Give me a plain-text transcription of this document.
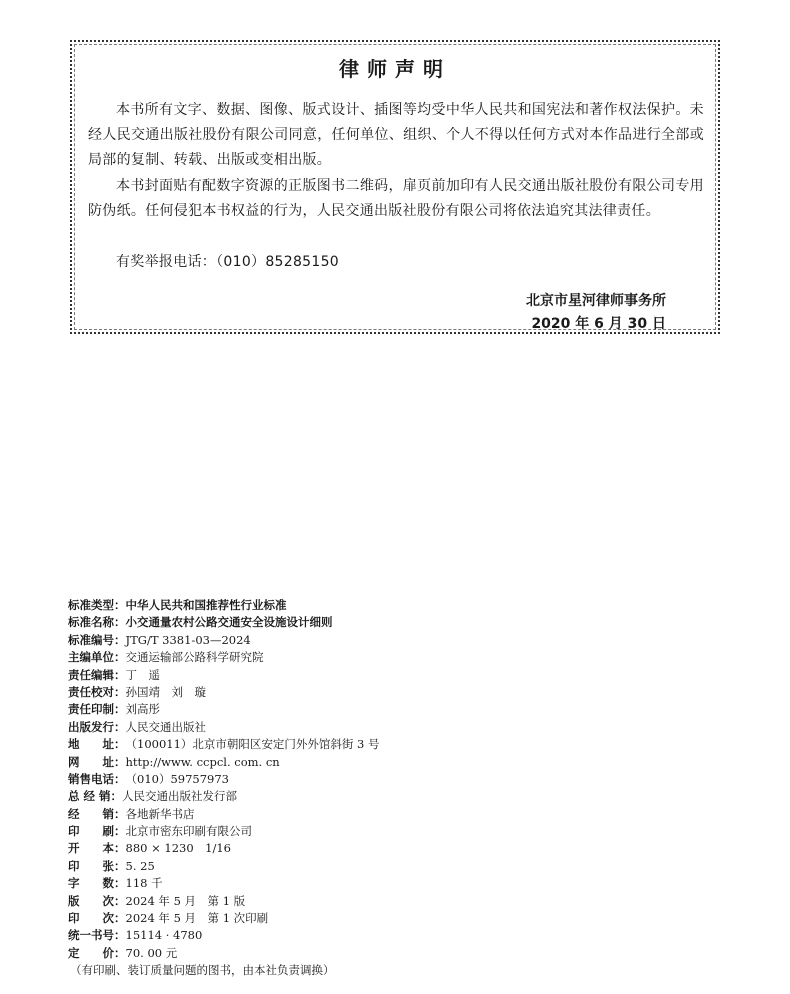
律师声明

本书所有文字、数据、图像、版式设计、插图等均受中华人民共和国宪法和著作权法保护。未经人民交通出版社股份有限公司同意，任何单位、组织、个人不得以任何方式对本作品进行全部或局部的复制、转载、出版或变相出版。

本书封面贴有配数字资源的正版图书二维码，扉页前加印有人民交通出版社股份有限公司专用防伪纸。任何侵犯本书权益的行为，人民交通出版社股份有限公司将依法追究其法律责任。

有奖举报电话：（010）85285150

北京市星河律师事务所
2020 年 6 月 30 日
标准类型：中华人民共和国推荐性行业标准
标准名称：小交通量农村公路交通安全设施设计细则
标准编号：JTG/T 3381-03—2024
主编单位：交通运输部公路科学研究院
责任编辑：丁　遥
责任校对：孙国靖　刘　璇
责任印制：刘高彤
出版发行：人民交通出版社
地　　址：（100011）北京市朝阳区安定门外外馆斜街 3 号
网　　址：http://www. ccpcl. com. cn
销售电话：（010）59757973
总 经 销：人民交通出版社发行部
经　　销：各地新华书店
印　　刷：北京市密东印刷有限公司
开　　本：880 × 1230　1/16
印　　张：5. 25
字　　数：118 千
版　　次：2024 年 5 月　第 1 版
印　　次：2024 年 5 月　第 1 次印刷
统一书号：15114 · 4780
定　　价：70. 00 元
（有印刷、装订质量问题的图书，由本社负责调换）
